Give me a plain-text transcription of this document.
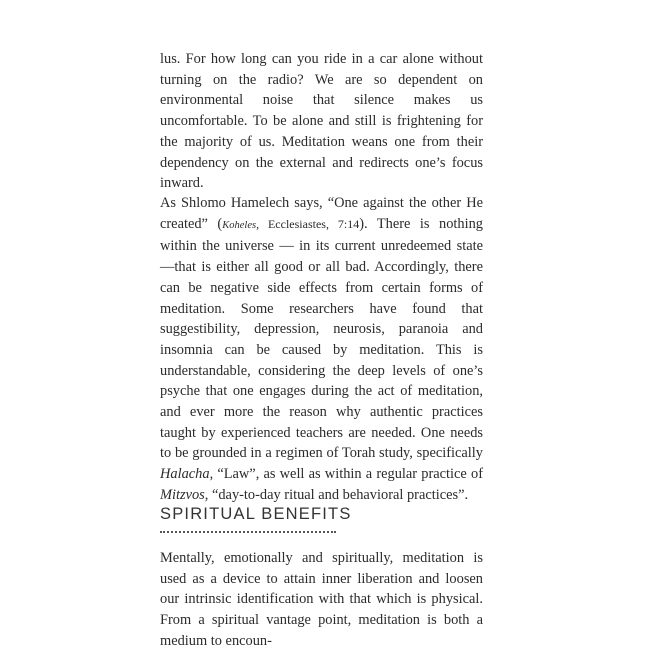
lus. For how long can you ride in a car alone without turning on the radio? We are so dependent on environmental noise that silence makes us uncomfortable. To be alone and still is frightening for the majority of us. Meditation weans one from their dependency on the external and redirects one’s focus inward.

As Shlomo Hamelech says, “One against the other He created” (Koheles, Ecclesiastes, 7:14). There is nothing within the universe — in its current unredeemed state —that is either all good or all bad. Accordingly, there can be negative side effects from certain forms of meditation. Some researchers have found that suggestibility, depression, neurosis, paranoia and insomnia can be caused by meditation. This is understandable, considering the deep levels of one’s psyche that one engages during the act of meditation, and ever more the reason why authentic practices taught by experienced teachers are needed. One needs to be grounded in a regimen of Torah study, specifically Halacha, “Law”, as well as within a regular practice of Mitzvos, “day-to-day ritual and behavioral practices”.

SPIRITUAL BENEFITS

Mentally, emotionally and spiritually, meditation is used as a device to attain inner liberation and loosen our intrinsic identification with that which is physical. From a spiritual vantage point, meditation is both a medium to encoun-
